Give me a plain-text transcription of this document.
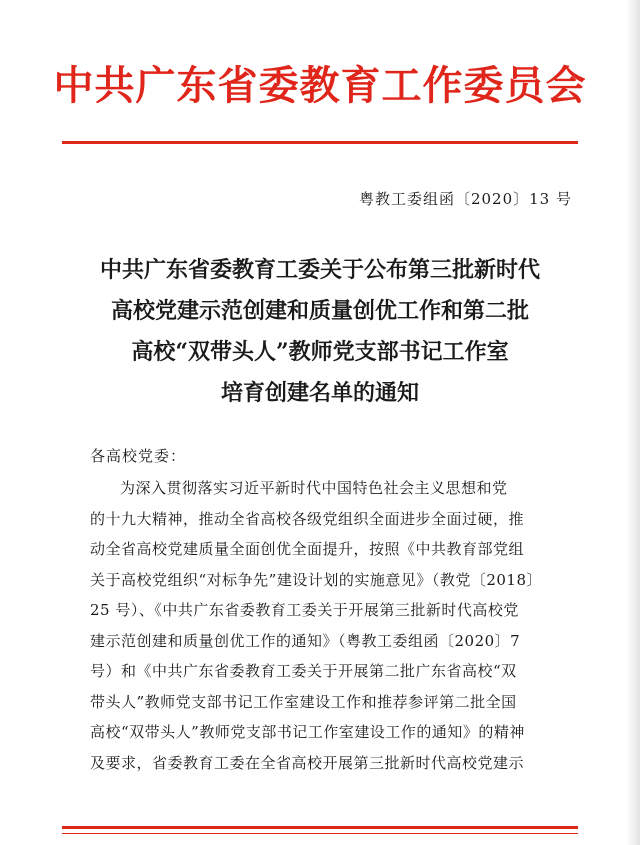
中共广东省委教育工作委员会
粤教工委组函〔2020〕13 号
中共广东省委教育工委关于公布第三批新时代
高校党建示范创建和质量创优工作和第二批
高校“双带头人”教师党支部书记工作室
培育创建名单的通知
各高校党委：
为深入贯彻落实习近平新时代中国特色社会主义思想和党
的十九大精神，推动全省高校各级党组织全面进步全面过硬，推
动全省高校党建质量全面创优全面提升，按照《中共教育部党组
关于高校党组织“对标争先”建设计划的实施意见》（教党〔2018〕
25 号）、《中共广东省委教育工委关于开展第三批新时代高校党
建示范创建和质量创优工作的通知》（粤教工委组函〔2020〕7
号）和《中共广东省委教育工委关于开展第二批广东省高校“双
带头人”教师党支部书记工作室建设工作和推荐参评第二批全国
高校“双带头人”教师党支部书记工作室建设工作的通知》的精神
及要求，省委教育工委在全省高校开展第三批新时代高校党建示
